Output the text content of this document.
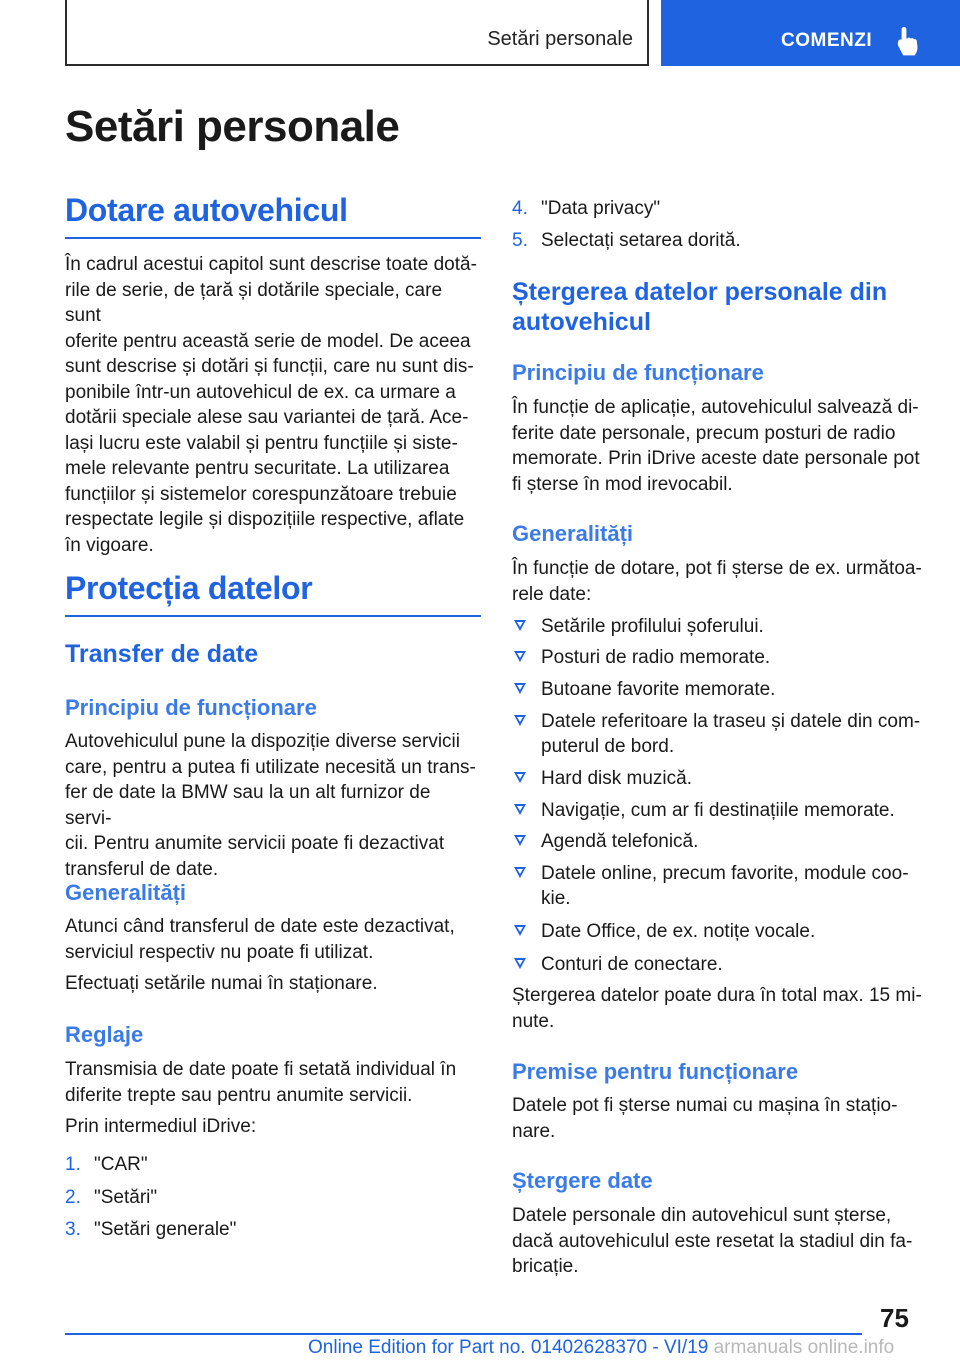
Setări personale	COMENZI
Setări personale
Dotare autovehicul
În cadrul acestui capitol sunt descrise toate dotă‐
rile de serie, de țară și dotările speciale, care sunt
oferite pentru această serie de model. De aceea
sunt descrise și dotări și funcții, care nu sunt dis‐
ponibile într-un autovehicul de ex. ca urmare a
dotării speciale alese sau variantei de țară. Ace‐
lași lucru este valabil și pentru funcțiile și siste‐
mele relevante pentru securitate. La utilizarea
funcțiilor și sistemelor corespunzătoare trebuie
respectate legile și dispozițiile respective, aflate
în vigoare.
Protecția datelor
Transfer de date
Principiu de funcționare
Autovehiculul pune la dispoziție diverse servicii
care, pentru a putea fi utilizate necesită un trans‐
fer de date la BMW sau la un alt furnizor de servi‐
cii. Pentru anumite servicii poate fi dezactivat
transferul de date.
Generalități
Atunci când transferul de date este dezactivat,
serviciul respectiv nu poate fi utilizat.
Efectuați setările numai în staționare.
Reglaje
Transmisia de date poate fi setată individual în
diferite trepte sau pentru anumite servicii.
Prin intermediul iDrive:
1. "CAR"
2. "Setări"
3. "Setări generale"
4. "Data privacy"
5. Selectați setarea dorită.
Ștergerea datelor personale din
autovehicul
Principiu de funcționare
În funcție de aplicație, autovehiculul salvează di‐
ferite date personale, precum posturi de radio
memorate. Prin iDrive aceste date personale pot
fi șterse în mod irevocabil.
Generalități
În funcție de dotare, pot fi șterse de ex. următoa‐
rele date:
Setările profilului șoferului.
Posturi de radio memorate.
Butoane favorite memorate.
Datele referitoare la traseu și datele din com‐
puterul de bord.
Hard disk muzică.
Navigație, cum ar fi destinațiile memorate.
Agendă telefonică.
Datele online, precum favorite, module coo‐
kie.
Date Office, de ex. notițe vocale.
Conturi de conectare.
Ștergerea datelor poate dura în total max. 15 mi‐
nute.
Premise pentru funcționare
Datele pot fi șterse numai cu mașina în stațio‐
nare.
Ștergere date
Datele personale din autovehicul sunt șterse,
dacă autovehiculul este resetat la stadiul din fa‐
bricație.
75
Online Edition for Part no. 01402628370 - VI/19 armanuals online.info
